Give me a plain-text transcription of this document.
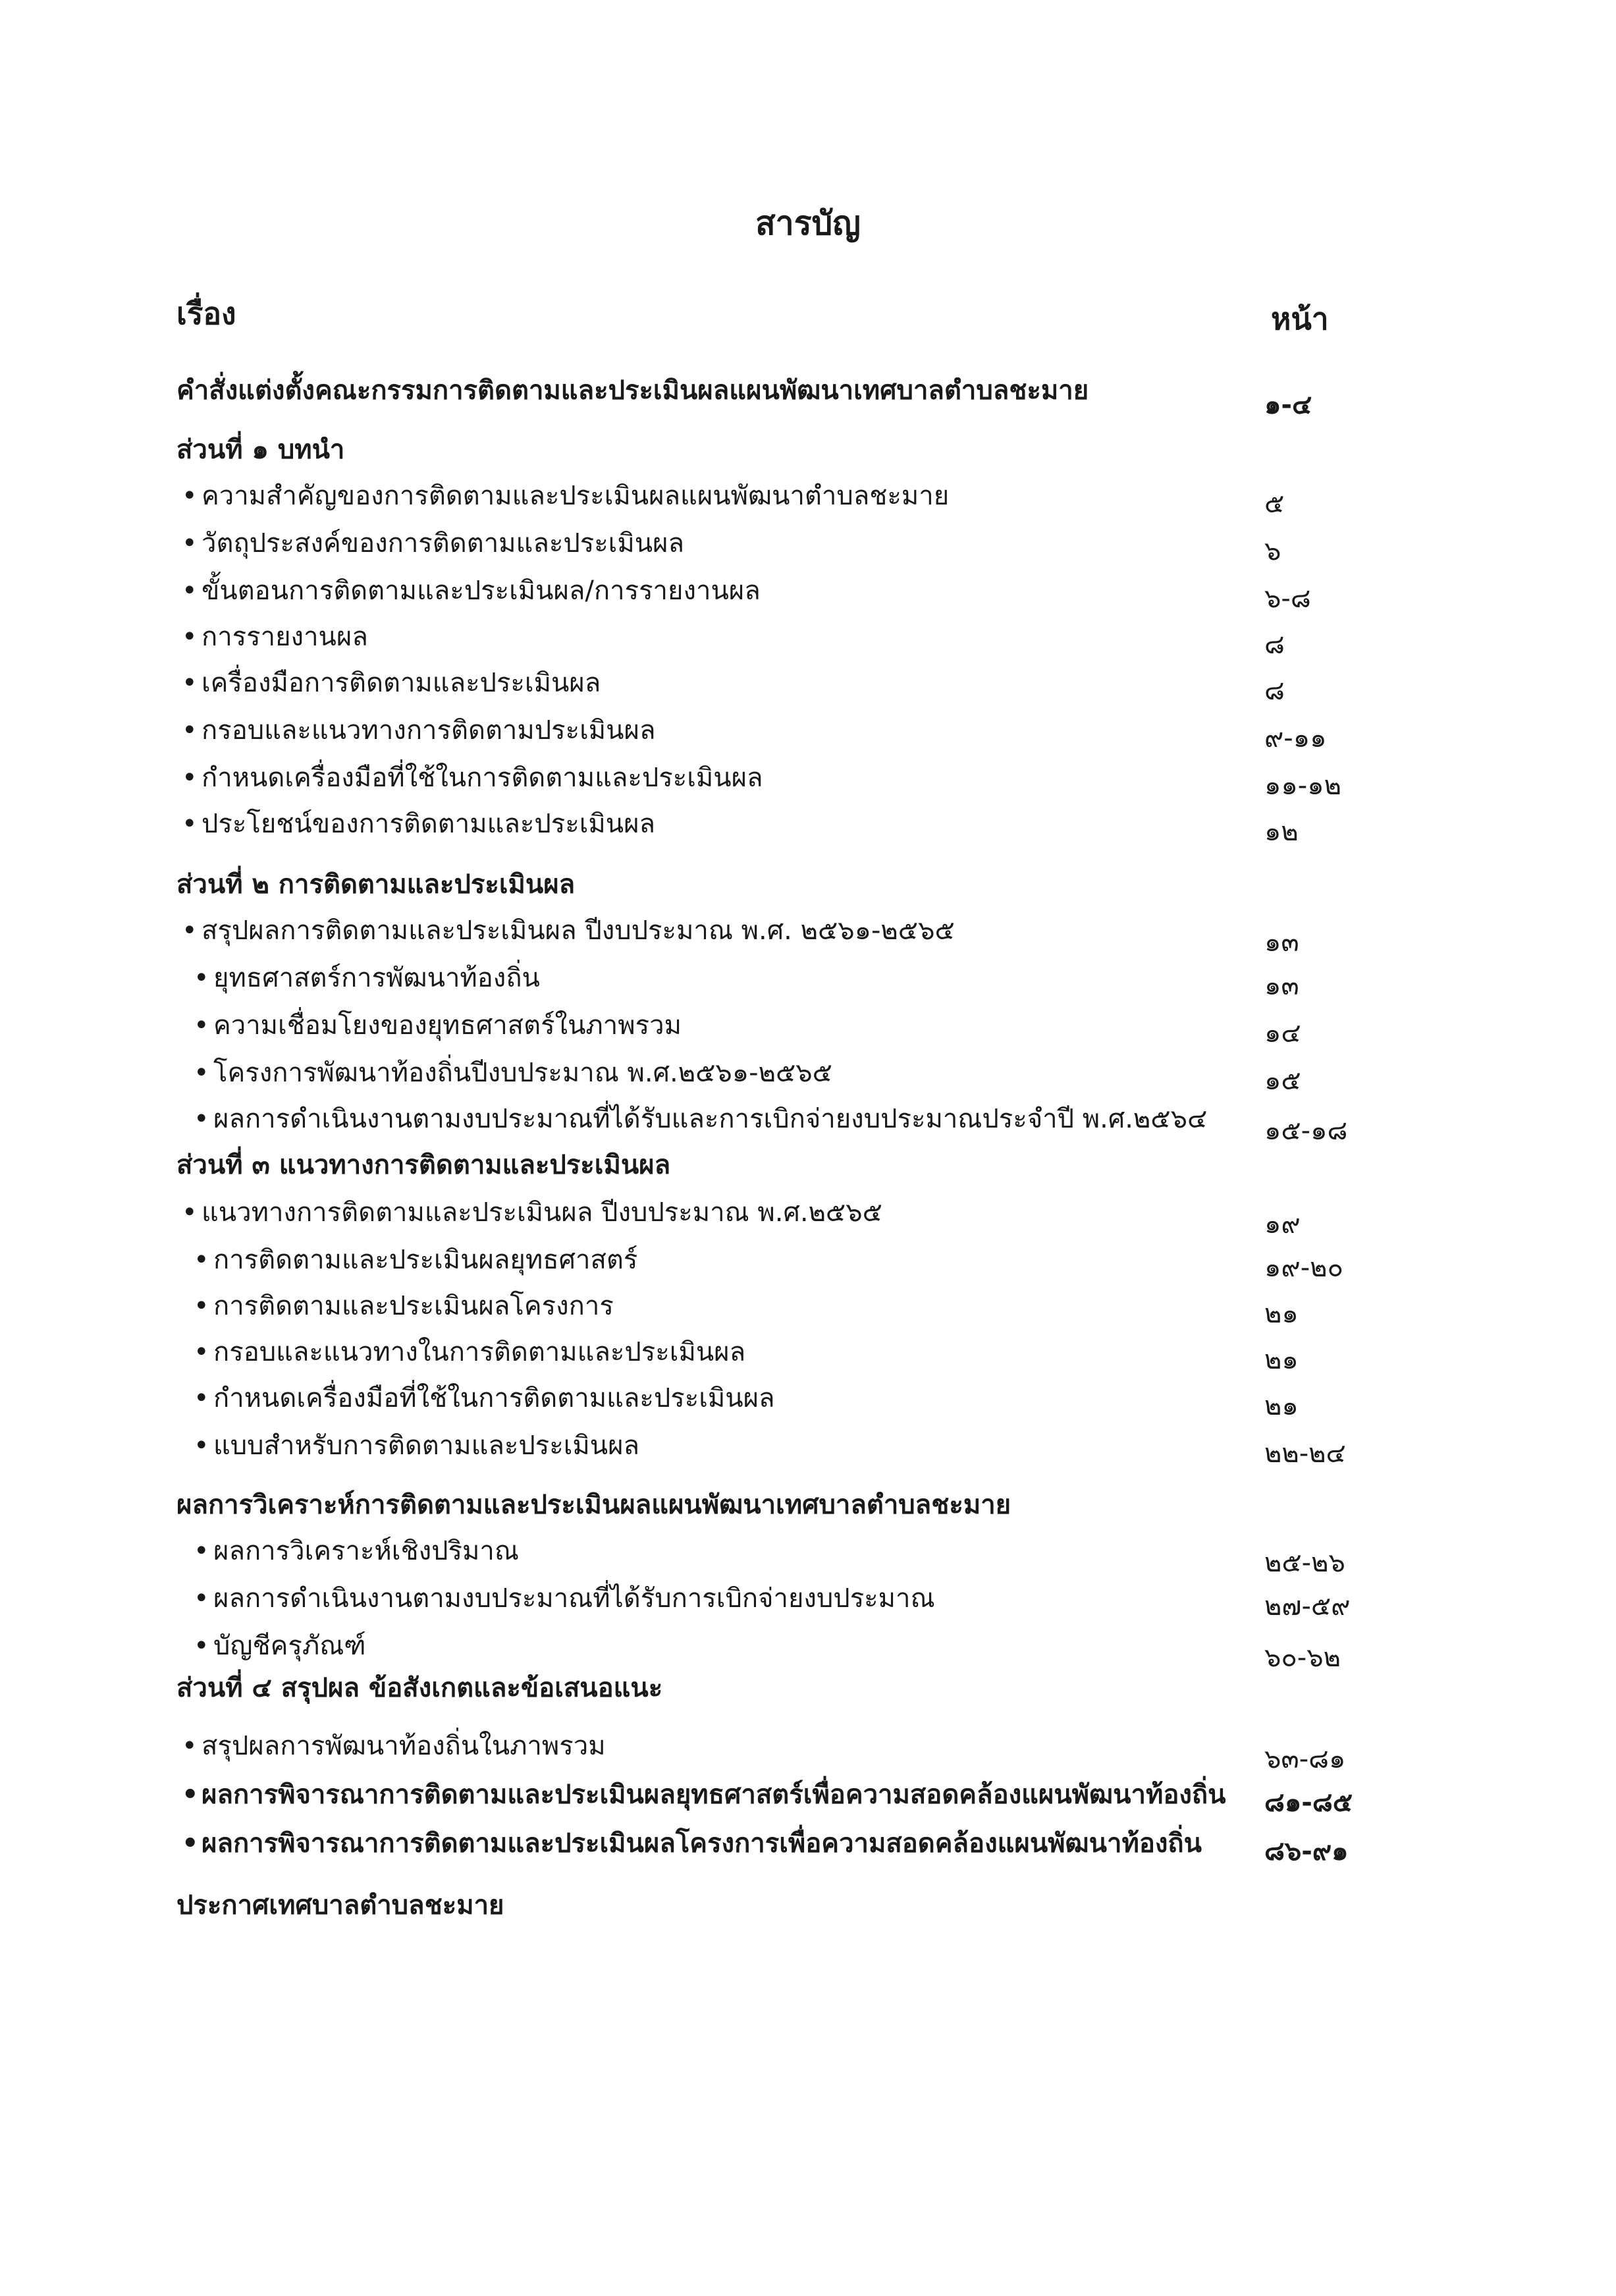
สารบัญ
เรื่อง	หน้า
คำสั่งแต่งตั้งคณะกรรมการติดตามและประเมินผลแผนพัฒนาเทศบาลตำบลชะมาย	๑-๔
ส่วนที่ ๑ บทนำ
• ความสำคัญของการติดตามและประเมินผลแผนพัฒนาตำบลชะมาย	๕
• วัตถุประสงค์ของการติดตามและประเมินผล	๖
• ขั้นตอนการติดตามและประเมินผล/การรายงานผล	๖-๘
• การรายงานผล	๘
• เครื่องมือการติดตามและประเมินผล	๘
• กรอบและแนวทางการติดตามประเมินผล	๙-๑๑
• กำหนดเครื่องมือที่ใช้ในการติดตามและประเมินผล	๑๑-๑๒
• ประโยชน์ของการติดตามและประเมินผล	๑๒
ส่วนที่ ๒ การติดตามและประเมินผล
• สรุปผลการติดตามและประเมินผล ปีงบประมาณ พ.ศ. ๒๕๖๑-๒๕๖๕	๑๓
• ยุทธศาสตร์การพัฒนาท้องถิ่น	๑๓
• ความเชื่อมโยงของยุทธศาสตร์ในภาพรวม	๑๔
• โครงการพัฒนาท้องถิ่นปีงบประมาณ พ.ศ.๒๕๖๑-๒๕๖๕	๑๕
• ผลการดำเนินงานตามงบประมาณที่ได้รับและการเบิกจ่ายงบประมาณประจำปี พ.ศ.๒๕๖๔	๑๕-๑๘
ส่วนที่ ๓ แนวทางการติดตามและประเมินผล
• แนวทางการติดตามและประเมินผล ปีงบประมาณ พ.ศ.๒๕๖๕	๑๙
• การติดตามและประเมินผลยุทธศาสตร์	๑๙-๒๐
• การติดตามและประเมินผลโครงการ	๒๑
• กรอบและแนวทางในการติดตามและประเมินผล	๒๑
• กำหนดเครื่องมือที่ใช้ในการติดตามและประเมินผล	๒๑
• แบบสำหรับการติดตามและประเมินผล	๒๒-๒๔
ผลการวิเคราะห์การติดตามและประเมินผลแผนพัฒนาเทศบาลตำบลชะมาย
• ผลการวิเคราะห์เชิงปริมาณ	๒๕-๒๖
• ผลการดำเนินงานตามงบประมาณที่ได้รับการเบิกจ่ายงบประมาณ	๒๗-๕๙
• บัญชีครุภัณฑ์	๖๐-๖๒
ส่วนที่ ๔ สรุปผล ข้อสังเกตและข้อเสนอแนะ
• สรุปผลการพัฒนาท้องถิ่นในภาพรวม	๖๓-๘๑
• ผลการพิจารณาการติดตามและประเมินผลยุทธศาสตร์เพื่อความสอดคล้องแผนพัฒนาท้องถิ่น	๘๑-๘๕
• ผลการพิจารณาการติดตามและประเมินผลโครงการเพื่อความสอดคล้องแผนพัฒนาท้องถิ่น	๘๖-๙๑
ประกาศเทศบาลตำบลชะมาย
